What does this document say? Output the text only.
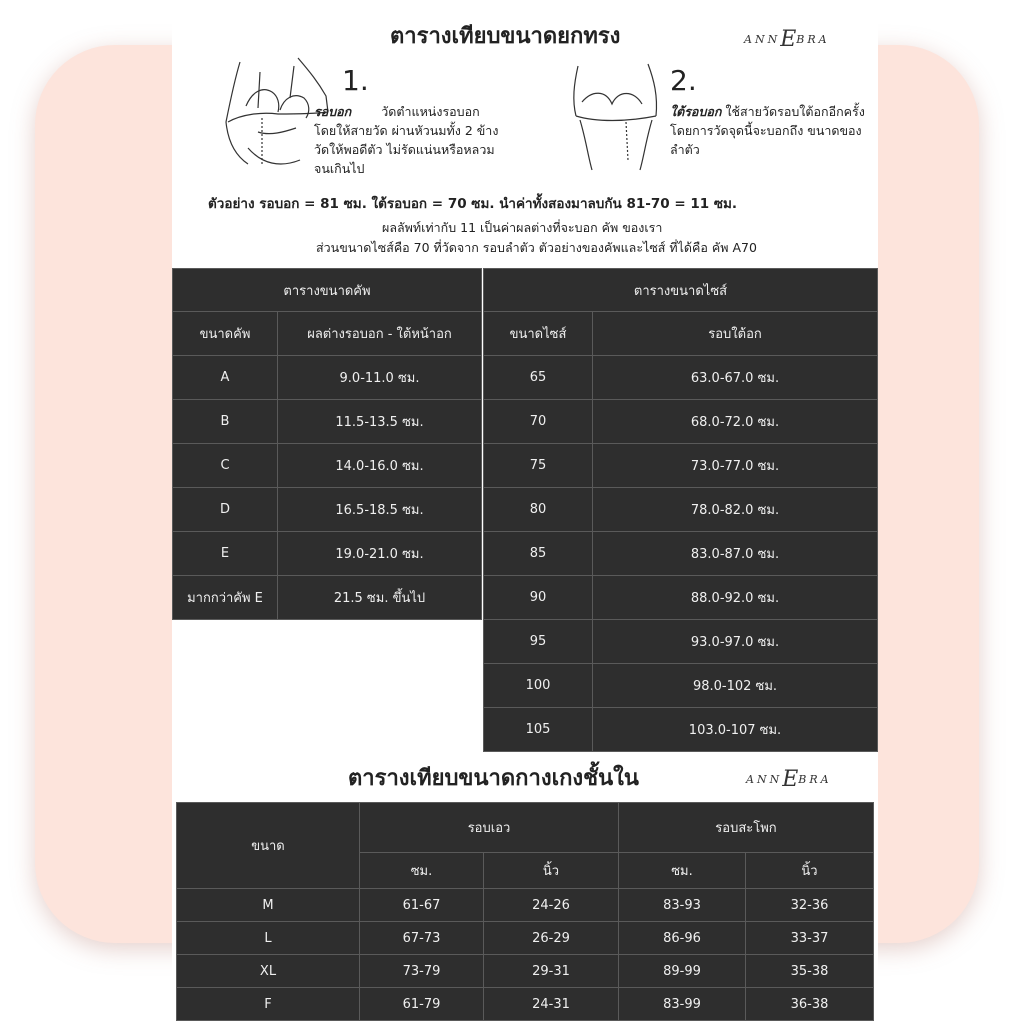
ตารางเทียบขนาดยกทรง	ANNEBRA
1.
รอบอก วัดตำแหน่งรอบอก
โดยให้สายวัด ผ่านหัวนมทั้ง 2 ข้าง
วัดให้พอดีตัว ไม่รัดแน่นหรือหลวม
จนเกินไป
2.
ใต้รอบอก ใช้สายวัดรอบใต้อกอีกครั้ง
โดยการวัดจุดนี้จะบอกถึง ขนาดของ
ลำตัว
ตัวอย่าง รอบอก = 81 ซม. ใต้รอบอก = 70 ซม. นำค่าทั้งสองมาลบกัน 81-70 = 11 ซม.
ผลลัพท์เท่ากับ 11 เป็นค่าผลต่างที่จะบอก คัพ ของเรา
ส่วนขนาดไซส์คือ 70 ที่วัดจาก รอบลำตัว ตัวอย่างของคัพและไซส์ ที่ได้คือ คัพ A70
ตารางขนาดคัพ	
ขนาดคัพ	ผลต่างรอบอก - ใต้หน้าอก
A	9.0-11.0 ซม.
B	11.5-13.5 ซม.
C	14.0-16.0 ซม.
D	16.5-18.5 ซม.
E	19.0-21.0 ซม.
มากกว่าคัพ E	21.5 ซม. ขึ้นไป
ตารางขนาดไซส์	
ขนาดไซส์	รอบใต้อก
65	63.0-67.0 ซม.
70	68.0-72.0 ซม.
75	73.0-77.0 ซม.
80	78.0-82.0 ซม.
85	83.0-87.0 ซม.
90	88.0-92.0 ซม.
95	93.0-97.0 ซม.
100	98.0-102 ซม.
105	103.0-107 ซม.
ตารางเทียบขนาดกางเกงชั้นใน	ANNEBRA
ขนาด	รอบเอว		รอบสะโพก	
	ซม.	นิ้ว	ซม.	นิ้ว
M	61-67	24-26	83-93	32-36
L	67-73	26-29	86-96	33-37
XL	73-79	29-31	89-99	35-38
F	61-79	24-31	83-99	36-38
